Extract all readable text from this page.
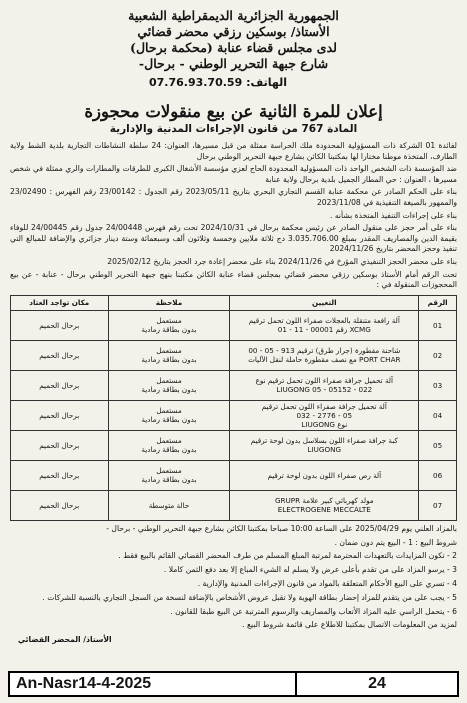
الجمهورية الجزائرية الديمقراطية الشعبية
الأستاذ/ بوسكين رزقي محضر قضائي
لدى مجلس قضاء عنابة (محكمة برحال)
شارع جبهة التحرير الوطني - برحال-
الهاتف: 07.76.93.70.59
إعلان للمرة الثانية عن بيع منقولات محجوزة
المادة 767 من قانون الإجراءات المدنية والإدارية

لفائدة 01 الشركة ذات المسؤولية المحدودة ملك الحراسة ممثلة من قبل مسيرها، العنوان: 24 سلطة النشاطات التجارية بلدية الشط ولاية الطارف، المتخذة موطنا مختارا لها بمكتبنا الكائن بشارع جبهة التحرير الوطني برحال

ضد المؤسسة ذات الشخص الواحد ذات المسؤولية المحدودة الحاج لعزي مؤسسة الأشغال الكبرى للطرقات والمطارات والري ممثلة في شخص مسيرها ، العنوان : حي المطار الجميل بلدية برحال ولاية عنابة

بناء على الحكم الصادر عن محكمة عنابة القسم التجاري البحري بتاريخ 2023/05/11 رقم الجدول : 23/00142 رقم الفهرس : 23/02490 والممهور بالصيغة التنفيذية في 2023/11/08

بناء على إجراءات التنفيذ المتخذة بشأنه .

بناء على أمر حجز على منقول الصادر عن رئيس محكمة برحال في 2024/10/31 تحت رقم فهرس 24/00448 جدول رقم 24/00445 للوفاء بقيمة الدين والمصاريف المقدر بمبلغ 3.035.706.00 دج ثلاثة ملايين وخمسة وثلاثون ألف وسبعمائة وستة دينار جزائري والإضافة للمبالغ التي تنفيذ وحجز المحضر بتاريخ 2024/11/26

بناء على محضر الحجز التنفيذي المؤرخ في 2024/11/26 بناء على محضر إعادة جرد الحجز بتاريخ 2025/02/12

تحت الرقم أمام الأستاذ بوسكين رزقي محضر قضائي بمجلس قضاء عنابة الكائن مكتبنا بنهج جبهة التحرير الوطني برحال - عنابة - عن بيع المحجوزات المنقولة في :

الرقم	التعيين	ملاحظة	مكان تواجد العتاد
01	آلة رافعة متنقلة بالعجلات صفراء اللون تحمل ترقيم
XCMG رقم 00001 - 11 - 01	مستعمل
بدون بطاقة رمادية	برحال الحميم
02	شاحنة مقطورة (جرار طرق) ترقيم 913 - 05 - 00
PORT CHAR مع نصف مقطورة حاملة لنقل الآليات	مستعمل
بدون بطاقة رمادية	برحال الحميم
03	آلة تحميل جرافة صفراء اللون تحمل ترقيم نوع
LIUGONG 05 - 05152 - 022	مستعمل
بدون بطاقة رمادية	برحال الحميم
04	آلة تحميل جرافة صفراء اللون تحمل ترقيم
05 - 2776 - 032
نوع LIUGONG	مستعمل
بدون بطاقة رمادية	برحال الحميم
05	كبة جرافة صفراء اللون بسلاسل بدون لوحة ترقيم
LIUGONG	مستعمل
بدون بطاقة رمادية	برحال الحميم
06	آلة رص صفراء اللون بدون لوحة ترقيم	مستعمل
بدون بطاقة رمادية	برحال الحميم
07	مولد كهربائي كبير علامة GRUPR
ELECTROGENE MECCALTE	حالة متوسطة	برحال الحميم
بالمزاد العلني يوم 2025/04/29 على الساعة 10:00 صباحا بمكتبنا الكائن بشارع جبهة التحرير الوطني - برحال -
شروط البيع : 1 - البيع يتم دون ضمان .
2 - تكون المزايدات بالتعهدات المحترمة لمرتبة المبلغ المسلم من طرف المحضر القضائي القائم بالبيع فقط .
3 - يرسو المزاد على من تقدم بأعلى عرض ولا يسلم له الشيء المباع إلا بعد دفع الثمن كاملا .
4 - تسري على البيع الأحكام المتعلقة بالمواد من قانون الإجراءات المدنية والإدارية .
5 - يجب على من يتقدم للمزاد إحضار بطاقة الهوية ولا تقبل عروض الأشخاص بالإضافة لنسخة من السجل التجاري بالنسبة للشركات .
6 - يتحمل الراسي عليه المزاد الأتعاب والمصاريف والرسوم المترتبة عن البيع طبقا للقانون .
لمزيد من المعلومات الاتصال بمكتبنا للاطلاع على قائمة شروط البيع .
الأستاذ/ المحضر القضائي
An-Nasr14-4-2025	24
